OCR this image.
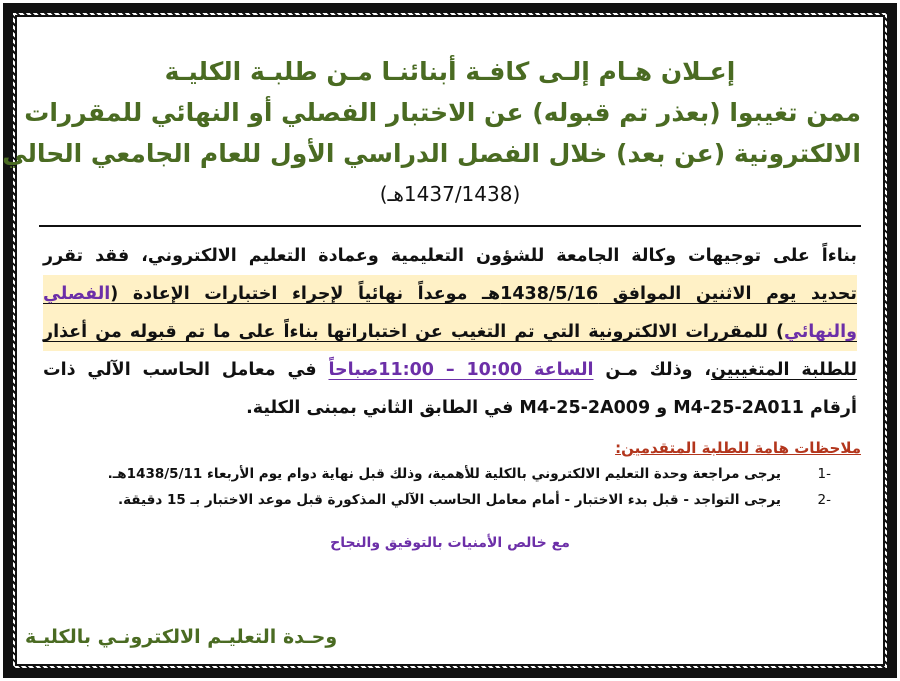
إعـلان هـام إلـى كافـة أبنائنـا مـن طلبـة الكليـة
ممن تغيبوا (بعذر تم قبوله) عن الاختبار الفصلي أو النهائي للمقررات
الالكترونية (عن بعد) خلال الفصل الدراسي الأول للعام الجامعي الحالي
(1437/1438هـ)
بناءاً على توجيهات وكالة الجامعة للشؤون التعليمية وعمادة التعليم الالكتروني، فقد تقرر
تحديد يوم الاثنين الموافق 1438/5/16هـ موعداً نهائياً لإجراء اختبارات الإعادة (الفصلي
والنهائي) للمقررات الالكترونية التي تم التغيب عن اختباراتها بناءاً على ما تم قبوله من أعذار
للطلبة المتغيبين، وذلك مـن الساعة 10:00 – 11:00صباحاً في معامل الحاسب الآلي ذات
أرقام M4-25-2A011 و M4-25-2A009 في الطابق الثاني بمبنى الكلية.
ملاحظات هامة للطلبة المتقدمين:
-1يرجى مراجعة وحدة التعليم الالكتروني بالكلية للأهمية، وذلك قبل نهاية دوام يوم الأربعاء 1438/5/11هـ.
-2يرجى التواجد - قبل بدء الاختبار - أمام معامل الحاسب الآلي المذكورة قبل موعد الاختبار بـ 15 دقيقة.
مع خالص الأمنيات بالتوفيق والنجاح
وحـدة التعليـم الالكترونـي بالكليـة
